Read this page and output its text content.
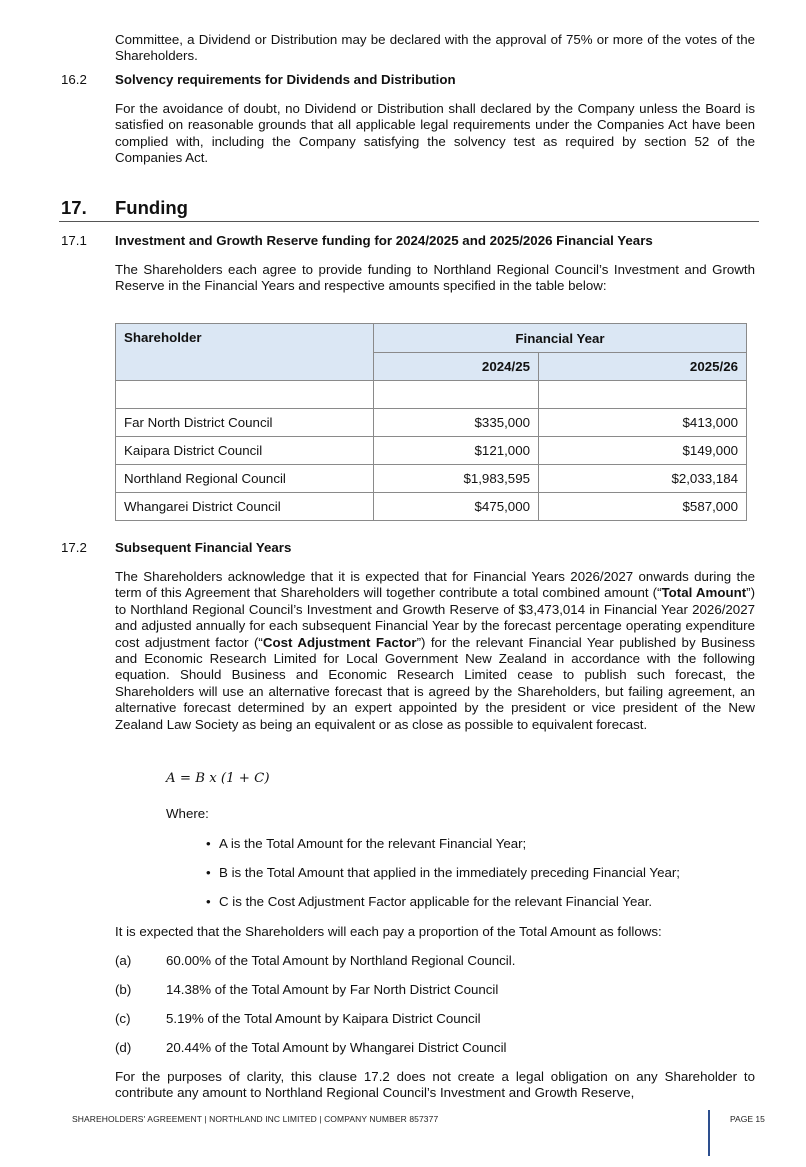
Committee, a Dividend or Distribution may be declared with the approval of 75% or more of the votes of the Shareholders.

16.2 Solvency requirements for Dividends and Distribution

For the avoidance of doubt, no Dividend or Distribution shall declared by the Company unless the Board is satisfied on reasonable grounds that all applicable legal requirements under the Companies Act have been complied with, including the Company satisfying the solvency test as required by section 52 of the Companies Act.

17. Funding
17.1 Investment and Growth Reserve funding for 2024/2025 and 2025/2026 Financial Years

The Shareholders each agree to provide funding to Northland Regional Council’s Investment and Growth Reserve in the Financial Years and respective amounts specified in the table below:

Shareholder	Financial Year	
	2024/25	2025/26

Far North District Council	$335,000	$413,000
Kaipara District Council	$121,000	$149,000
Northland Regional Council	$1,983,595	$2,033,184
Whangarei District Council	$475,000	$587,000
17.2 Subsequent Financial Years

The Shareholders acknowledge that it is expected that for Financial Years 2026/2027 onwards during the term of this Agreement that Shareholders will together contribute a total combined amount (“Total Amount”) to Northland Regional Council’s Investment and Growth Reserve of $3,473,014 in Financial Year 2026/2027 and adjusted annually for each subsequent Financial Year by the forecast percentage operating expenditure cost adjustment factor (“Cost Adjustment Factor”) for the relevant Financial Year published by Business and Economic Research Limited for Local Government New Zealand in accordance with the following equation. Should Business and Economic Research Limited cease to publish such forecast, the Shareholders will use an alternative forecast that is agreed by the Shareholders, but failing agreement, an alternative forecast determined by an expert appointed by the president or vice president of the New Zealand Law Society as being an equivalent or as close as possible to equivalent forecast.

A = B x (1 + C)
Where:
• A is the Total Amount for the relevant Financial Year;
• B is the Total Amount that applied in the immediately preceding Financial Year;
• C is the Cost Adjustment Factor applicable for the relevant Financial Year.
It is expected that the Shareholders will each pay a proportion of the Total Amount as follows:
(a)	60.00% of the Total Amount by Northland Regional Council.
(b)	14.38% of the Total Amount by Far North District Council
(c)	5.19% of the Total Amount by Kaipara District Council
(d)	20.44% of the Total Amount by Whangarei District Council

For the purposes of clarity, this clause 17.2 does not create a legal obligation on any Shareholder to contribute any amount to Northland Regional Council’s Investment and Growth Reserve,

SHAREHOLDERS' AGREEMENT | NORTHLAND INC LIMITED | COMPANY NUMBER 857377	PAGE 15
